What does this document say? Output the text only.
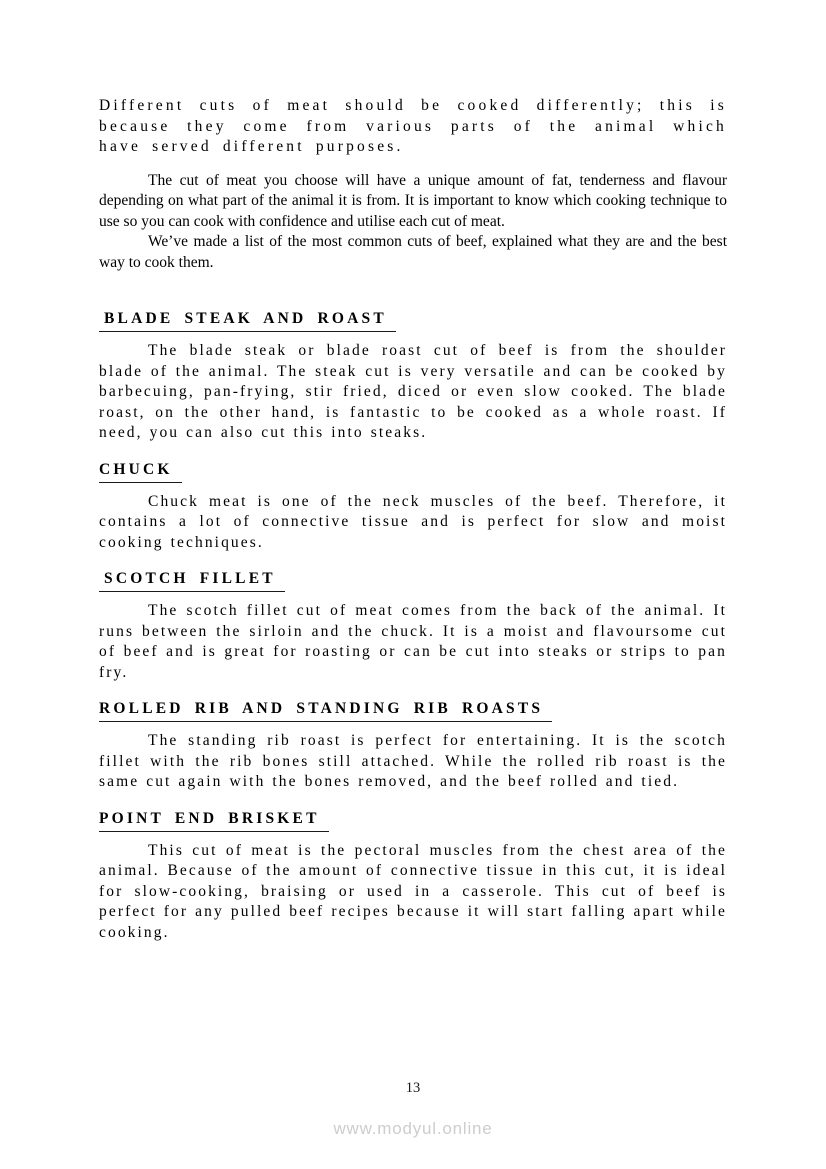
Different cuts of meat should be cooked differently; this is because they come from various parts of the animal which have served different purposes.

The cut of meat you choose will have a unique amount of fat, tenderness and flavour depending on what part of the animal it is from. It is important to know which cooking technique to use so you can cook with confidence and utilise each cut of meat.

We’ve made a list of the most common cuts of beef, explained what they are and the best way to cook them.

BLADE STEAK AND ROAST

The blade steak or blade roast cut of beef is from the shoulder blade of the animal. The steak cut is very versatile and can be cooked by barbecuing, pan-frying, stir fried, diced or even slow cooked. The blade roast, on the other hand, is fantastic to be cooked as a whole roast. If need, you can also cut this into steaks.

CHUCK

Chuck meat is one of the neck muscles of the beef. Therefore, it contains a lot of connective tissue and is perfect for slow and moist cooking techniques.

SCOTCH FILLET

The scotch fillet cut of meat comes from the back of the animal. It runs between the sirloin and the chuck. It is a moist and flavoursome cut of beef and is great for roasting or can be cut into steaks or strips to pan fry.

ROLLED RIB AND STANDING RIB ROASTS

The standing rib roast is perfect for entertaining. It is the scotch fillet with the rib bones still attached. While the rolled rib roast is the same cut again with the bones removed, and the beef rolled and tied.

POINT END BRISKET

This cut of meat is the pectoral muscles from the chest area of the animal. Because of the amount of connective tissue in this cut, it is ideal for slow-cooking, braising or used in a casserole. This cut of beef is perfect for any pulled beef recipes because it will start falling apart while cooking.

13
www.modyul.online
